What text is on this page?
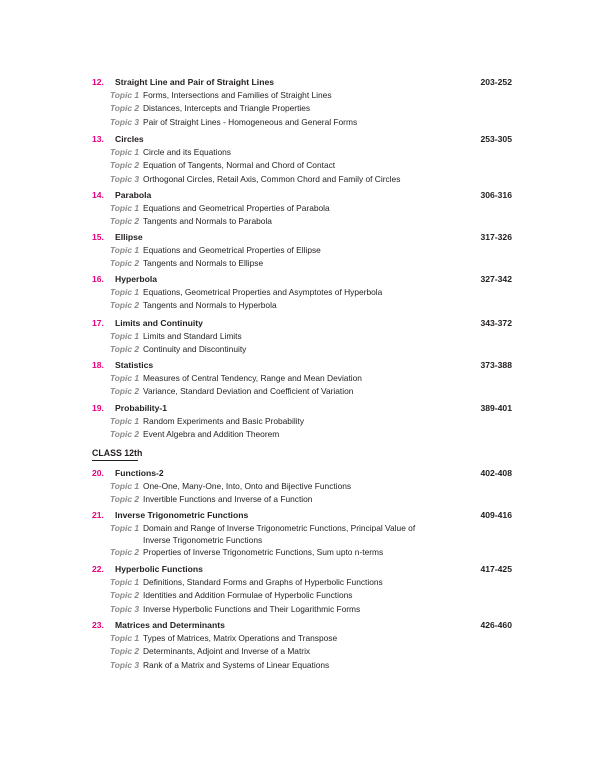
CLASS 12th
12.	Straight Line and Pair of Straight Lines	203-252
Topic 1 Forms, Intersections and Families of Straight Lines
Topic 2 Distances, Intercepts and Triangle Properties
Topic 3 Pair of Straight Lines - Homogeneous and General Forms
13.	Circles	253-305
Topic 1 Circle and its Equations
Topic 2 Equation of Tangents, Normal and Chord of Contact
Topic 3 Orthogonal Circles, Retail Axis, Common Chord and Family of Circles
14.	Parabola	306-316
Topic 1 Equations and Geometrical Properties of Parabola
Topic 2 Tangents and Normals to Parabola
15.	Ellipse	317-326
Topic 1 Equations and Geometrical Properties of Ellipse
Topic 2 Tangents and Normals to Ellipse
16.	Hyperbola	327-342
Topic 1 Equations, Geometrical Properties and Asymptotes of Hyperbola
Topic 2 Tangents and Normals to Hyperbola
17.	Limits and Continuity	343-372
Topic 1 Limits and Standard Limits
Topic 2 Continuity and Discontinuity
18.	Statistics	373-388
Topic 1 Measures of Central Tendency, Range and Mean Deviation
Topic 2 Variance, Standard Deviation and Coefficient of Variation
19.	Probability-1	389-401
Topic 1 Random Experiments and Basic Probability
Topic 2 Event Algebra and Addition Theorem
20.	Functions-2	402-408
Topic 1 One-One, Many-One, Into, Onto and Bijective Functions
Topic 2 Invertible Functions and Inverse of a Function
21.	Inverse Trigonometric Functions	409-416
Topic 1 Domain and Range of Inverse Trigonometric Functions, Principal Value of Inverse Trigonometric Functions
Topic 2 Properties of Inverse Trigonometric Functions, Sum upto n-terms
22.	Hyperbolic Functions	417-425
Topic 1 Definitions, Standard Forms and Graphs of Hyperbolic Functions
Topic 2 Identities and Addition Formulae of Hyperbolic Functions
Topic 3 Inverse Hyperbolic Functions and Their Logarithmic Forms
23.	Matrices and Determinants	426-460
Topic 1 Types of Matrices, Matrix Operations and Transpose
Topic 2 Determinants, Adjoint and Inverse of a Matrix
Topic 3 Rank of a Matrix and Systems of Linear Equations
